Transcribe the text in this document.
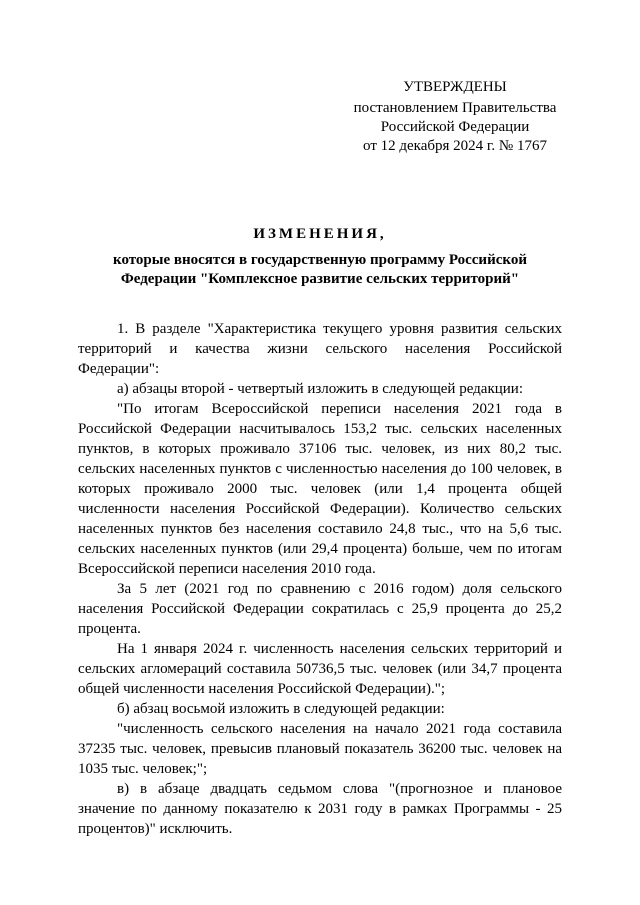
УТВЕРЖДЕНЫ
постановлением Правительства
Российской Федерации
от 12 декабря 2024 г. № 1767
ИЗМЕНЕНИЯ,
которые вносятся в государственную программу Российской
Федерации "Комплексное развитие сельских территорий"

1. В разделе "Характеристика текущего уровня развития сельских территорий и качества жизни сельского населения Российской Федерации":

а) абзацы второй - четвертый изложить в следующей редакции:

"По итогам Всероссийской переписи населения 2021 года в Российской Федерации насчитывалось 153,2 тыс. сельских населенных пунктов, в которых проживало 37106 тыс. человек, из них 80,2 тыс. сельских населенных пунктов с численностью населения до 100 человек, в которых проживало 2000 тыс. человек (или 1,4 процента общей численности населения Российской Федерации). Количество сельских населенных пунктов без населения составило 24,8 тыс., что на 5,6 тыс. сельских населенных пунктов (или 29,4 процента) больше, чем по итогам Всероссийской переписи населения 2010 года.

За 5 лет (2021 год по сравнению с 2016 годом) доля сельского населения Российской Федерации сократилась с 25,9 процента до 25,2 процента.

На 1 января 2024 г. численность населения сельских территорий и сельских агломераций составила 50736,5 тыс. человек (или 34,7 процента общей численности населения Российской Федерации).";

б) абзац восьмой изложить в следующей редакции:

"численность сельского населения на начало 2021 года составила 37235 тыс. человек, превысив плановый показатель 36200 тыс. человек на 1035 тыс. человек;";

в) в абзаце двадцать седьмом слова "(прогнозное и плановое значение по данному показателю к 2031 году в рамках Программы - 25 процентов)" исключить.
